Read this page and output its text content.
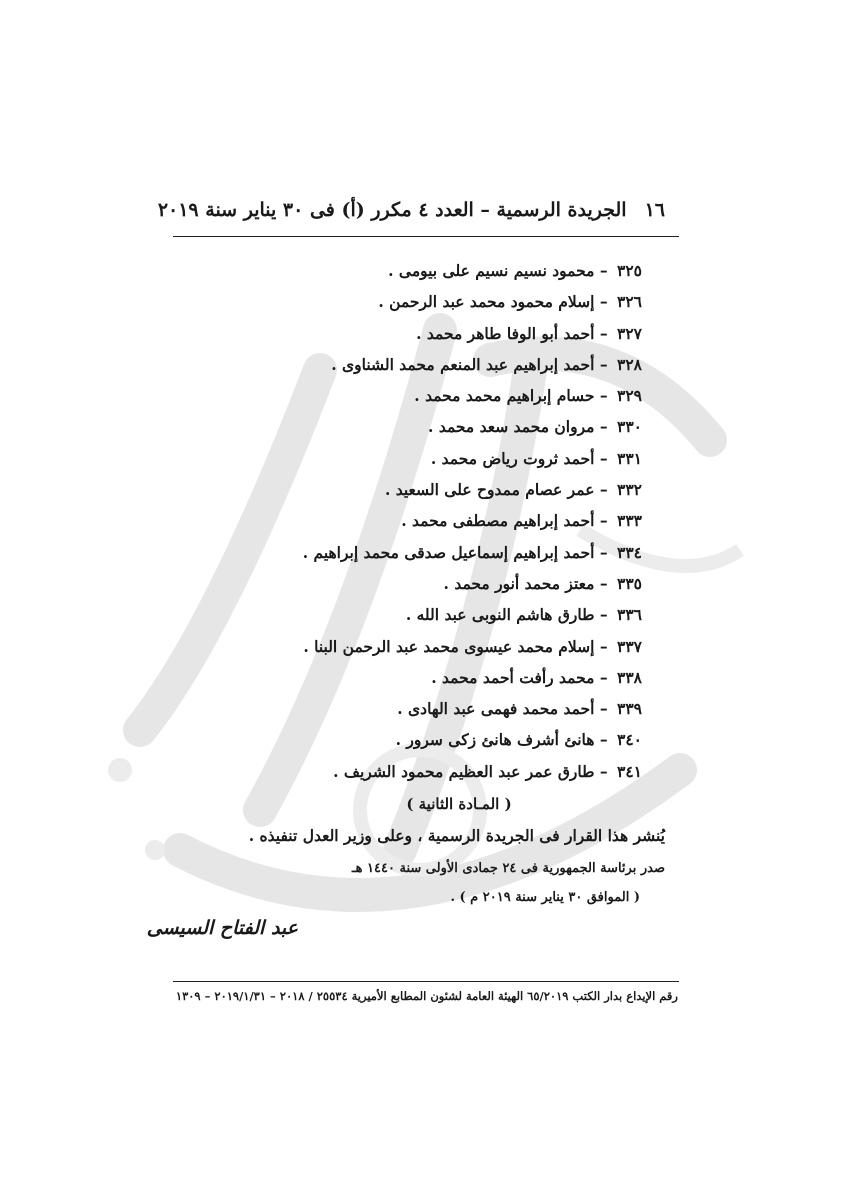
١٦الجريدة الرسمية – العدد ٤ مكرر (أ) فى ٣٠ يناير سنة ٢٠١٩
٣٢٥ – محمود نسيم نسيم على بيومى .
٣٢٦ – إسلام محمود محمد عبد الرحمن .
٣٢٧ – أحمد أبو الوفا طاهر محمد .
٣٢٨ – أحمد إبراهيم عبد المنعم محمد الشناوى .
٣٢٩ – حسام إبراهيم محمد محمد .
٣٣٠ – مروان محمد سعد محمد .
٣٣١ – أحمد ثروت رياض محمد .
٣٣٢ – عمر عصام ممدوح على السعيد .
٣٣٣ – أحمد إبراهيم مصطفى محمد .
٣٣٤ – أحمد إبراهيم إسماعيل صدقى محمد إبراهيم .
٣٣٥ – معتز محمد أنور محمد .
٣٣٦ – طارق هاشم النوبى عبد الله .
٣٣٧ – إسلام محمد عيسوى محمد عبد الرحمن البنا .
٣٣٨ – محمد رأفت أحمد محمد .
٣٣٩ – أحمد محمد فهمى عبد الهادى .
٣٤٠ – هانئ أشرف هانئ زكى سرور .
٣٤١ – طارق عمر عبد العظيم محمود الشريف .
( المـادة الثانية )
يُنشر هذا القرار فى الجريدة الرسمية ، وعلى وزير العدل تنفيذه .
صدر برئاسة الجمهورية فى ٢٤ جمادى الأولى سنة ١٤٤٠ هـ
( الموافق ٣٠ يناير سنة ٢٠١٩ م ) .
عبد الفتاح السيسى
رقم الإيداع بدار الكتب ٦٥/٢٠١٩ الهيئة العامة لشئون المطابع الأميرية ٢٥٥٣٤ / ٢٠١٨ – ٢٠١٩/١/٣١ – ١٣٠٩
